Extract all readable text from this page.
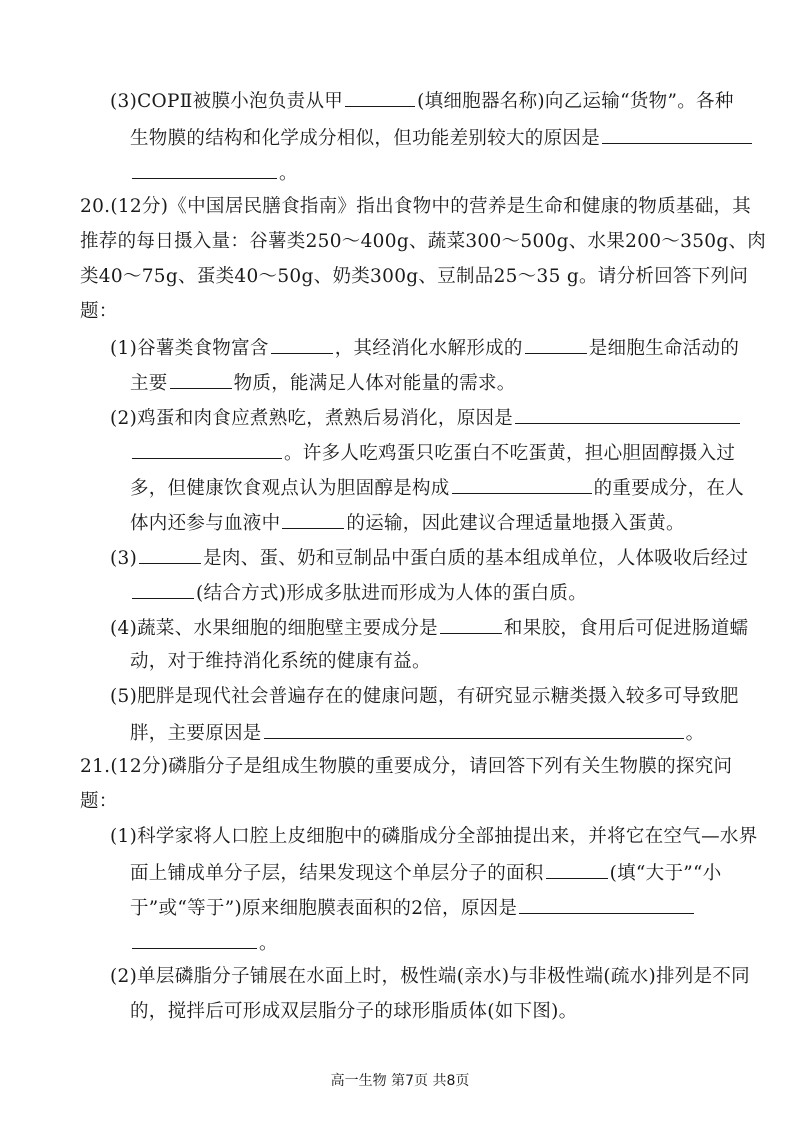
(3)COPⅡ被膜小泡负责从甲	(填细胞器名称)向乙运输“货物”。各种
生物膜的结构和化学成分相似，但功能差别较大的原因是
。
20.(12分)《中国居民膳食指南》指出食物中的营养是生命和健康的物质基础，其
推荐的每日摄入量：谷薯类250～400g、蔬菜300～500g、水果200～350g、肉
类40～75g、蛋类40～50g、奶类300g、豆制品25～35 g。请分析回答下列问
题：
(1)谷薯类食物富含	，其经消化水解形成的	是细胞生命活动的
主要	物质，能满足人体对能量的需求。
(2)鸡蛋和肉食应煮熟吃，煮熟后易消化，原因是
。许多人吃鸡蛋只吃蛋白不吃蛋黄，担心胆固醇摄入过
多，但健康饮食观点认为胆固醇是构成	的重要成分，在人
体内还参与血液中	的运输，因此建议合理适量地摄入蛋黄。
(3)	是肉、蛋、奶和豆制品中蛋白质的基本组成单位，人体吸收后经过
(结合方式)形成多肽进而形成为人体的蛋白质。
(4)蔬菜、水果细胞的细胞壁主要成分是	和果胶，食用后可促进肠道蠕
动，对于维持消化系统的健康有益。
(5)肥胖是现代社会普遍存在的健康问题，有研究显示糖类摄入较多可导致肥
胖，主要原因是	。
21.(12分)磷脂分子是组成生物膜的重要成分，请回答下列有关生物膜的探究问
题：
(1)科学家将人口腔上皮细胞中的磷脂成分全部抽提出来，并将它在空气—水界
面上铺成单分子层，结果发现这个单层分子的面积	(填“大于”“小
于”或“等于”)原来细胞膜表面积的2倍，原因是
。
(2)单层磷脂分子铺展在水面上时，极性端(亲水)与非极性端(疏水)排列是不同
的，搅拌后可形成双层脂分子的球形脂质体(如下图)。
高一生物 第7页 共8页
